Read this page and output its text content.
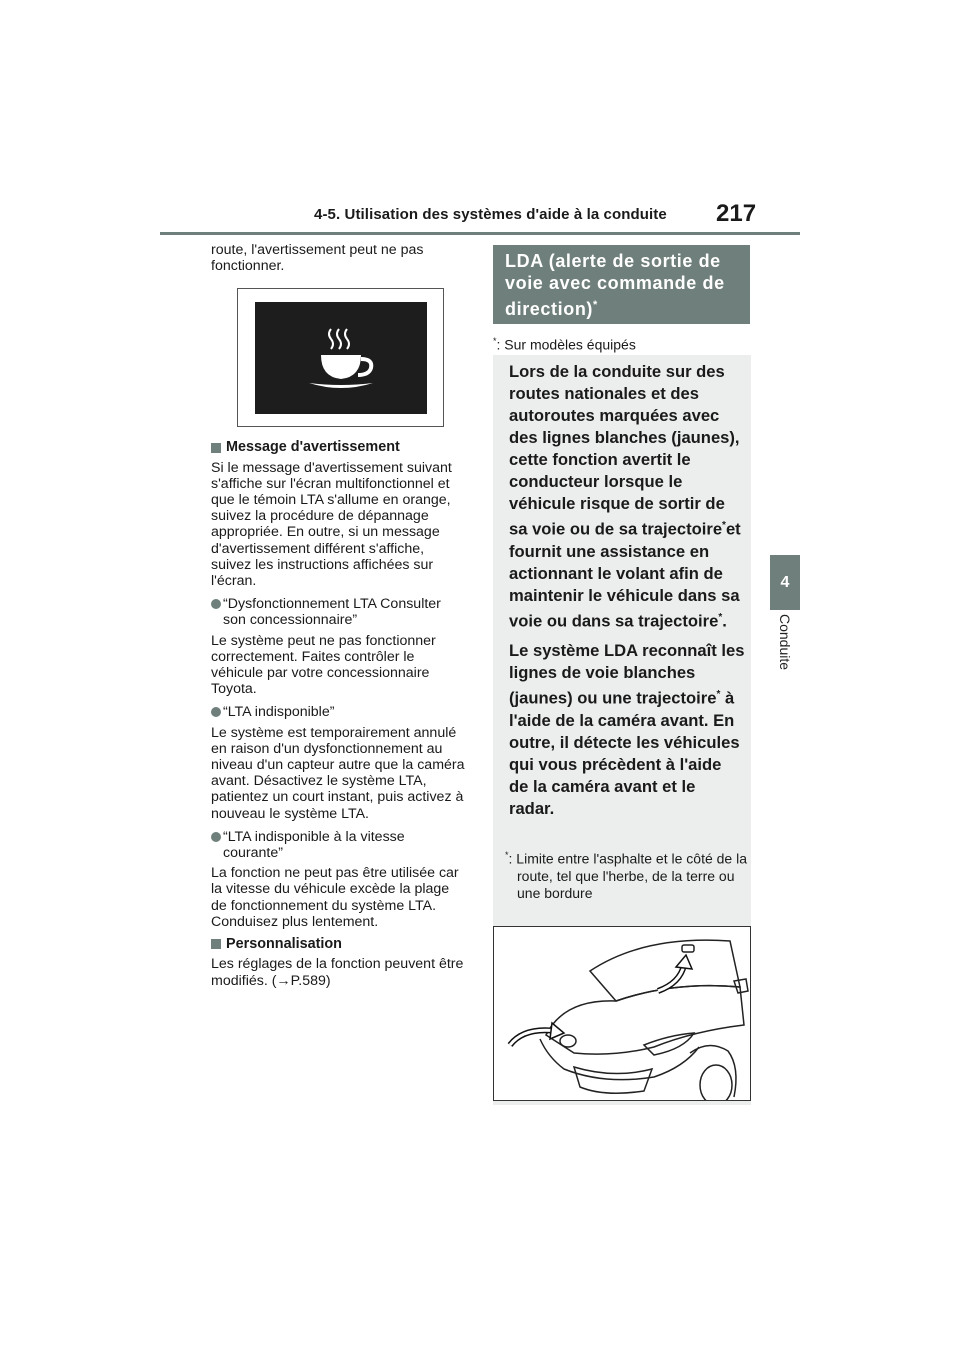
4-5. Utilisation des systèmes d'aide à la conduite 217
4
Conduite

route, l'avertissement peut ne pas fonctionner.

Message d'avertissement

Si le message d'avertissement suivant s'affiche sur l'écran multifonctionnel et que le témoin LTA s'allume en orange, suivez la procédure de dépannage appropriée. En outre, si un message d'avertissement différent s'affiche, suivez les instructions affichées sur l'écran.

“Dysfonctionnement LTA Consulter son concessionnaire”

Le système peut ne pas fonctionner correctement. Faites contrôler le véhicule par votre concessionnaire Toyota.

“LTA indisponible”

Le système est temporairement annulé en raison d'un dysfonctionnement au niveau d'un capteur autre que la caméra avant. Désactivez le système LTA, patientez un court instant, puis activez à nouveau le système LTA.

“LTA indisponible à la vitesse courante”

La fonction ne peut pas être utilisée car la vitesse du véhicule excède la plage de fonctionnement du système LTA. Conduisez plus lentement.

Personnalisation

Les réglages de la fonction peuvent être modifiés. (→P.589)

LDA (alerte de sortie de voie avec commande de direction)*
*: Sur modèles équipés

Lors de la conduite sur des routes nationales et des autoroutes marquées avec des lignes blanches (jaunes), cette fonction avertit le conducteur lorsque le véhicule risque de sortir de sa voie ou de sa trajectoire*et fournit une assistance en actionnant le volant afin de maintenir le véhicule dans sa voie ou dans sa trajectoire*.

Le système LDA reconnaît les lignes de voie blanches (jaunes) ou une trajectoire* à l'aide de la caméra avant. En outre, il détecte les véhicules qui vous précèdent à l'aide de la caméra avant et le radar.

*: Limite entre l'asphalte et le côté de la route, tel que l'herbe, de la terre ou une bordure
